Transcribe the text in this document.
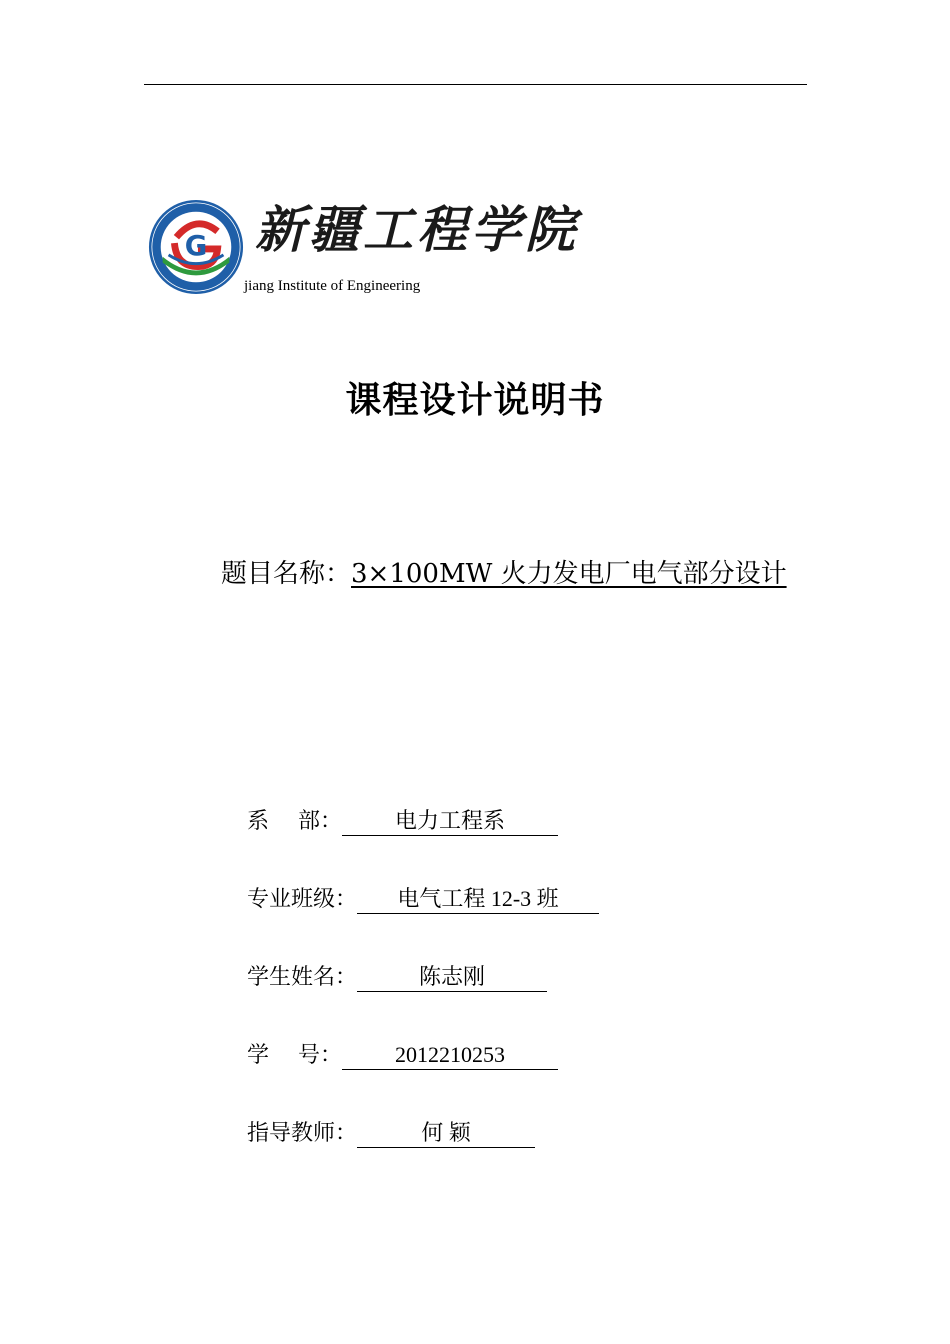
G
1958
新疆工程学院
jiang Institute of Engineering
课程设计说明书
题目名称：3×100MW 火力发电厂电气部分设计
系　 部： 电力工程系
专业班级： 电气工程 12-3 班
学生姓名：	陈志刚
学　 号： 2012210253
指导教师：	何 颖
